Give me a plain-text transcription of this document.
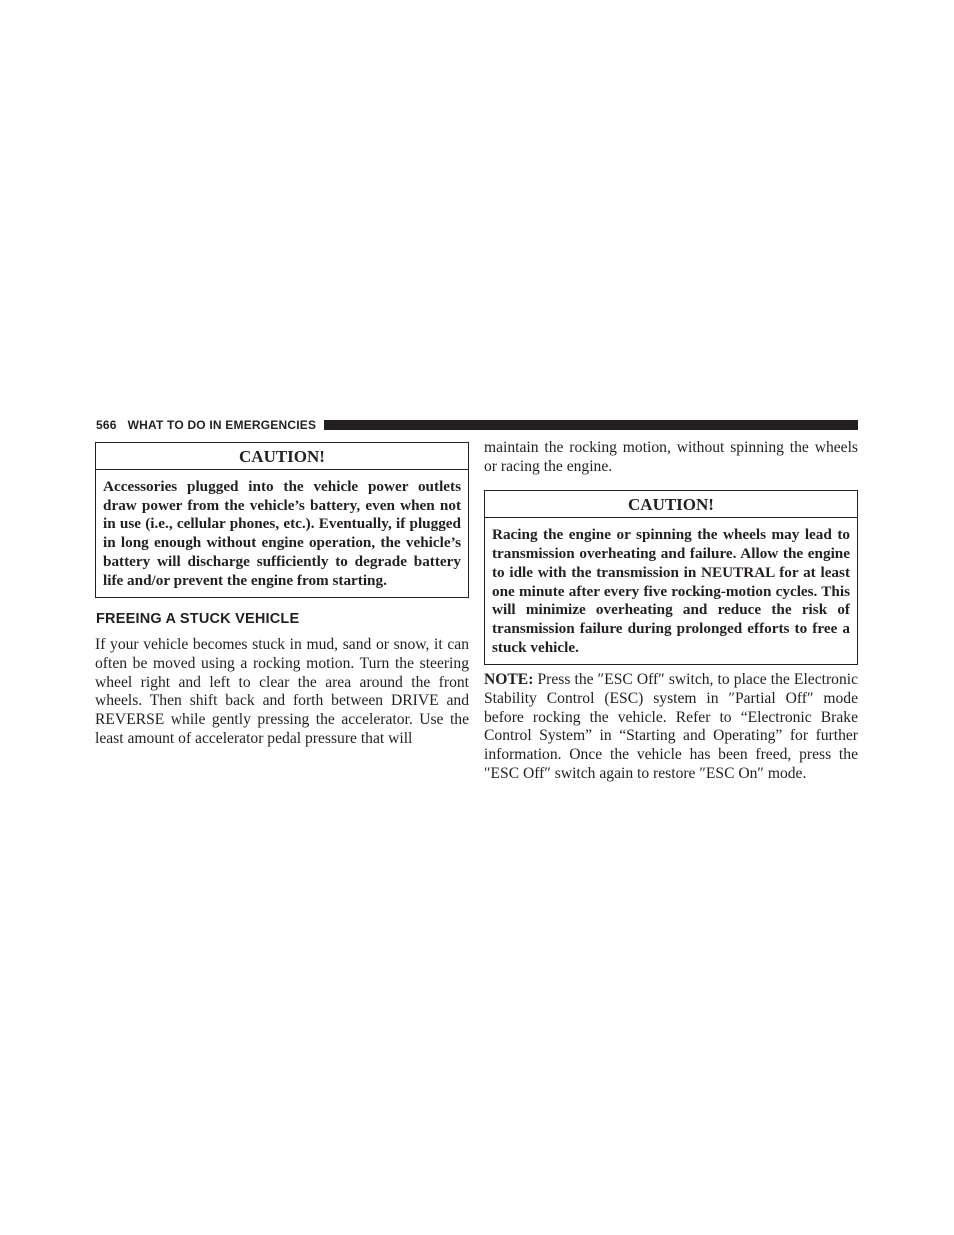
566 WHAT TO DO IN EMERGENCIES
CAUTION!
Accessories plugged into the vehicle power outlets draw power from the vehicle’s battery, even when not in use (i.e., cellular phones, etc.). Eventually, if plugged in long enough without engine operation, the vehicle’s battery will discharge sufficiently to degrade battery life and/or prevent the engine from starting.
FREEING A STUCK VEHICLE
If your vehicle becomes stuck in mud, sand or snow, it can often be moved using a rocking motion. Turn the steering wheel right and left to clear the area around the front wheels. Then shift back and forth between DRIVE and REVERSE while gently pressing the accelerator. Use the least amount of accelerator pedal pressure that will
maintain the rocking motion, without spinning the wheels or racing the engine.
CAUTION!
Racing the engine or spinning the wheels may lead to transmission overheating and failure. Allow the engine to idle with the transmission in NEUTRAL for at least one minute after every five rocking-motion cycles. This will minimize overheating and reduce the risk of transmission failure during prolonged efforts to free a stuck vehicle.
NOTE: Press the ″ESC Off″ switch, to place the Electronic Stability Control (ESC) system in ″Partial Off″ mode before rocking the vehicle. Refer to “Electronic Brake Control System” in “Starting and Operating” for further information. Once the vehicle has been freed, press the ″ESC Off″ switch again to restore ″ESC On″ mode.
